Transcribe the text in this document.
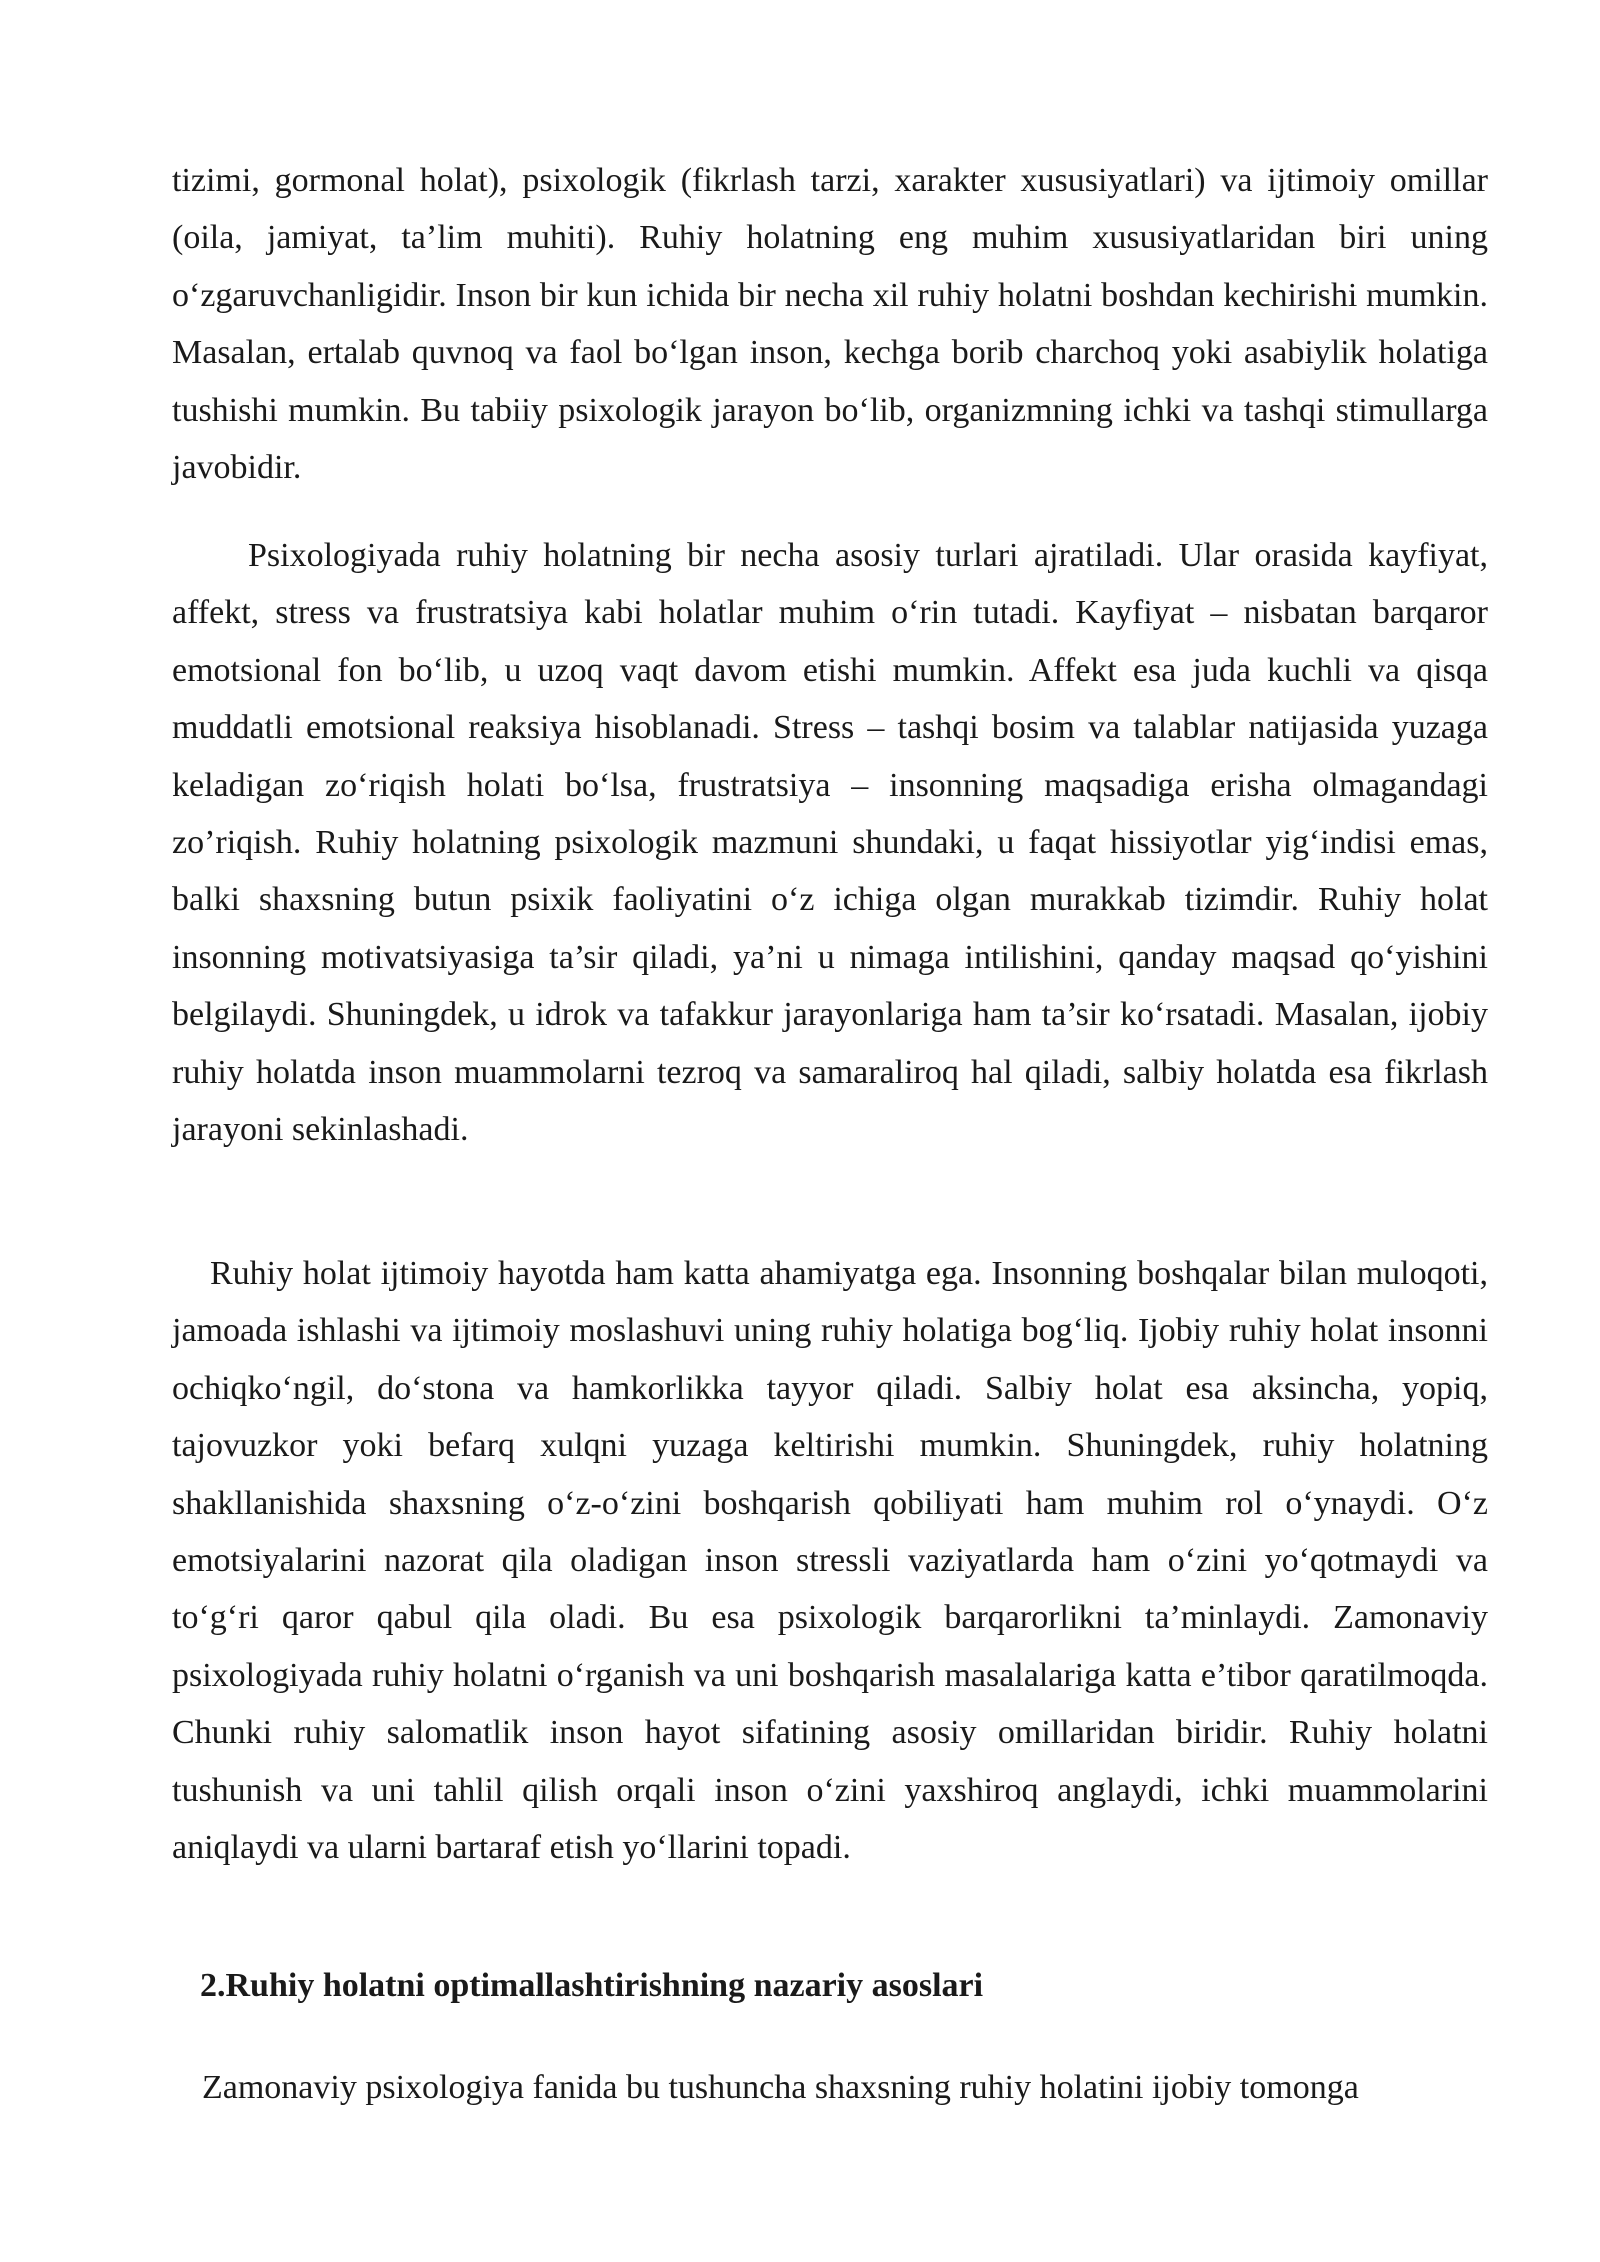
tizimi, gormonal holat), psixologik (fikrlash tarzi, xarakter xususiyatlari) va ijtimoiy omillar (oila, jamiyat, ta’lim muhiti). Ruhiy holatning eng muhim xususiyatlaridan biri uning o‘zgaruvchanligidir. Inson bir kun ichida bir necha xil ruhiy holatni boshdan kechirishi mumkin. Masalan, ertalab quvnoq va faol bo‘lgan inson, kechga borib charchoq yoki asabiylik holatiga tushishi mumkin. Bu tabiiy psixologik jarayon bo‘lib, organizmning ichki va tashqi stimullarga javobidir.

Psixologiyada ruhiy holatning bir necha asosiy turlari ajratiladi. Ular orasida kayfiyat, affekt, stress va frustratsiya kabi holatlar muhim o‘rin tutadi. Kayfiyat – nisbatan barqaror emotsional fon bo‘lib, u uzoq vaqt davom etishi mumkin. Affekt esa juda kuchli va qisqa muddatli emotsional reaksiya hisoblanadi. Stress – tashqi bosim va talablar natijasida yuzaga keladigan zo‘riqish holati bo‘lsa, frustratsiya – insonning maqsadiga erisha olmagandagi zo’riqish. Ruhiy holatning psixologik mazmuni shundaki, u faqat hissiyotlar yig‘indisi emas, balki shaxsning butun psixik faoliyatini o‘z ichiga olgan murakkab tizimdir. Ruhiy holat insonning motivatsiyasiga ta’sir qiladi, ya’ni u nimaga intilishini, qanday maqsad qo‘yishini belgilaydi. Shuningdek, u idrok va tafakkur jarayonlariga ham ta’sir ko‘rsatadi. Masalan, ijobiy ruhiy holatda inson muammolarni tezroq va samaraliroq hal qiladi, salbiy holatda esa fikrlash jarayoni sekinlashadi.

Ruhiy holat ijtimoiy hayotda ham katta ahamiyatga ega. Insonning boshqalar bilan muloqoti, jamoada ishlashi va ijtimoiy moslashuvi uning ruhiy holatiga bog‘liq. Ijobiy ruhiy holat insonni ochiqko‘ngil, do‘stona va hamkorlikka tayyor qiladi. Salbiy holat esa aksincha, yopiq, tajovuzkor yoki befarq xulqni yuzaga keltirishi mumkin. Shuningdek, ruhiy holatning shakllanishida shaxsning o‘z-o‘zini boshqarish qobiliyati ham muhim rol o‘ynaydi. O‘z emotsiyalarini nazorat qila oladigan inson stressli vaziyatlarda ham o‘zini yo‘qotmaydi va to‘g‘ri qaror qabul qila oladi. Bu esa psixologik barqarorlikni ta’minlaydi. Zamonaviy psixologiyada ruhiy holatni o‘rganish va uni boshqarish masalalariga katta e’tibor qaratilmoqda. Chunki ruhiy salomatlik inson hayot sifatining asosiy omillaridan biridir. Ruhiy holatni tushunish va uni tahlil qilish orqali inson o‘zini yaxshiroq anglaydi, ichki muammolarini aniqlaydi va ularni bartaraf etish yo‘llarini topadi.

2.Ruhiy holatni optimallashtirishning nazariy asoslari

Zamonaviy psixologiya fanida bu tushuncha shaxsning ruhiy holatini ijobiy tomonga
